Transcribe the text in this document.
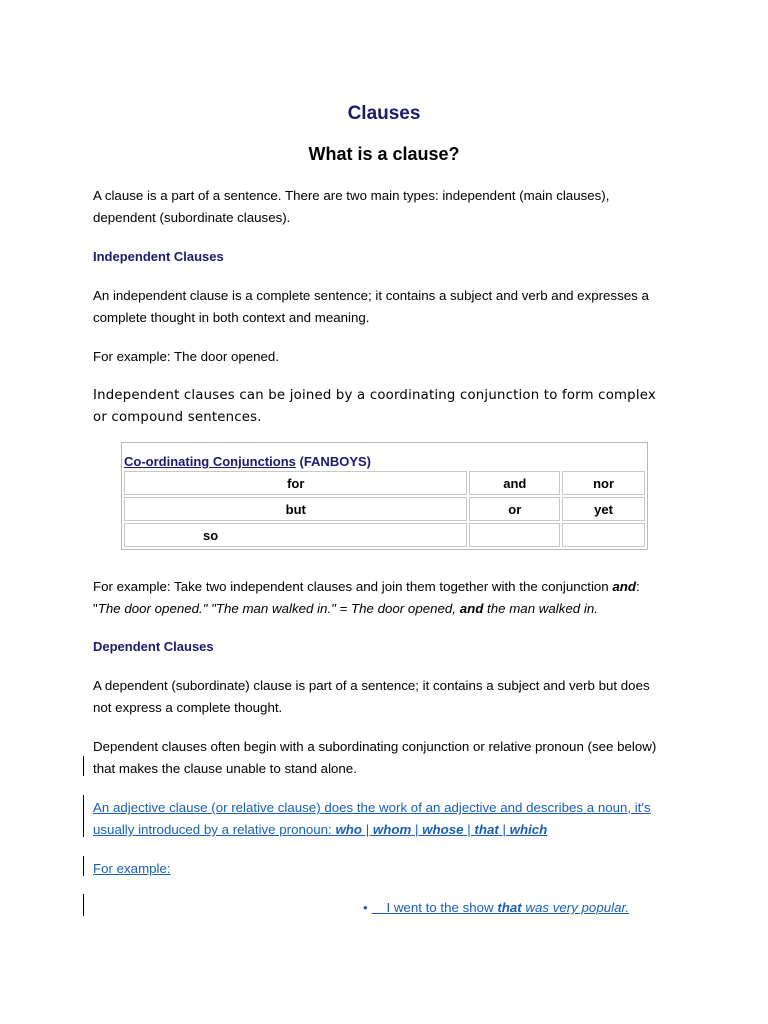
Clauses
What is a clause?

A clause is a part of a sentence. There are two main types: independent (main clauses), dependent (subordinate clauses).

Independent Clauses

An independent clause is a complete sentence; it contains a subject and verb and expresses a complete thought in both context and meaning.

For example: The door opened.

Independent clauses can be joined by a coordinating conjunction to form complex or compound sentences.

Co-ordinating Conjunctions (FANBOYS)		
for	and	nor
but	or	yet
so		

For example: Take two independent clauses and join them together with the conjunction and: "The door opened." "The man walked in." = The door opened, and the man walked in.

Dependent Clauses

A dependent (subordinate) clause is part of a sentence; it contains a subject and verb but does not express a complete thought.

Dependent clauses often begin with a subordinating conjunction or relative pronoun (see below) that makes the clause unable to stand alone.

An adjective clause (or relative clause) does the work of an adjective and describes a noun, it's usually introduced by a relative pronoun: who | whom | whose | that | which

For example:

• I went to the show that was very popular.
